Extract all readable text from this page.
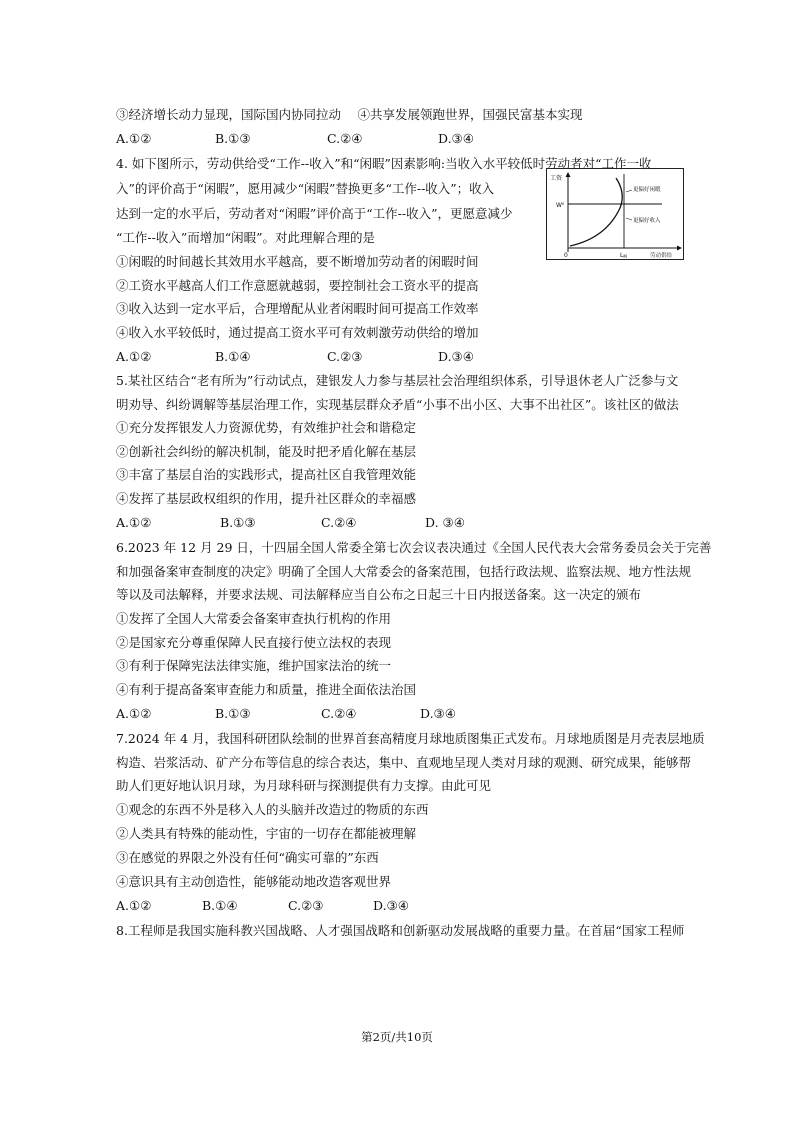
③经济增长动力显现，国际国内协同拉动　 ④共享发展领跑世界，国强民富基本实现
A.①②	B.①③	C.②④	D.③④
4. 如下图所示，劳动供给受“工作--收入”和“闲暇”因素影响:当收入水平较低时劳动者对“工作一收
入”的评价高于“闲暇”，愿用减少“闲暇”替换更多“工作--收入”；收入
达到一定的水平后，劳动者对“闲暇”评价高于“工作--收入”，更愿意减少
“工作--收入”而增加“闲暇”。对此理解合理的是
①闲暇的时间越长其效用水平越高，要不断增加劳动者的闲暇时间
②工资水平越高人们工作意愿就越弱，要控制社会工资水平的提高
③收入达到一定水平后，合理增配从业者闲暇时间可提高工作效率
④收入水平较低时，通过提高工资水平可有效刺激劳动供给的增加
A.①②	B.①④	C.②③	D.③④
工资
W⁰
0	LM	劳动供给
更偏好闲暇
更偏好收入
5.某社区结合“老有所为”行动试点，建银发人力参与基层社会治理组织体系，引导退休老人广泛参与文
明劝导、纠纷调解等基层治理工作，实现基层群众矛盾“小事不出小区、大事不出社区”。该社区的做法
①充分发挥银发人力资源优势，有效维护社会和谐稳定
②创新社会纠纷的解决机制，能及时把矛盾化解在基层
③丰富了基层自治的实践形式，提高社区自我管理效能
④发挥了基层政权组织的作用，提升社区群众的幸福感
A.①②	B.①③	C.②④	D. ③④
6.2023 年 12 月 29 日，十四届全国人常委全第七次会议表决通过《全国人民代表大会常务委员会关于完善
和加强备案审查制度的决定》明确了全国人大常委会的备案范围，包括行政法规、监察法规、地方性法规
等以及司法解释，并要求法规、司法解释应当自公布之日起三十日内报送备案。这一决定的颁布
①发挥了全国人大常委会备案审查执行机构的作用
②是国家充分尊重保障人民直接行使立法权的表现
③有利于保障宪法法律实施，维护国家法治的统一
④有利于提高备案审查能力和质量，推进全面依法治国
A.①②	B.①③	C.②④	D.③④
7.2024 年 4 月，我国科研团队绘制的世界首套高精度月球地质图集正式发布。月球地质图是月壳表层地质
构造、岩浆活动、矿产分布等信息的综合表达，集中、直观地呈现人类对月球的观测、研究成果，能够帮
助人们更好地认识月球，为月球科研与探测提供有力支撑。由此可见
①观念的东西不外是移入人的头脑并改造过的物质的东西
②人类具有特殊的能动性，宇宙的一切存在都能被理解
③在感觉的界限之外没有任何“确实可靠的”东西
④意识具有主动创造性，能够能动地改造客观世界
A.①②	B.①④	C.②③	D.③④
8.工程师是我国实施科教兴国战略、人才强国战略和创新驱动发展战略的重要力量。在首届“国家工程师
第2页/共10页
